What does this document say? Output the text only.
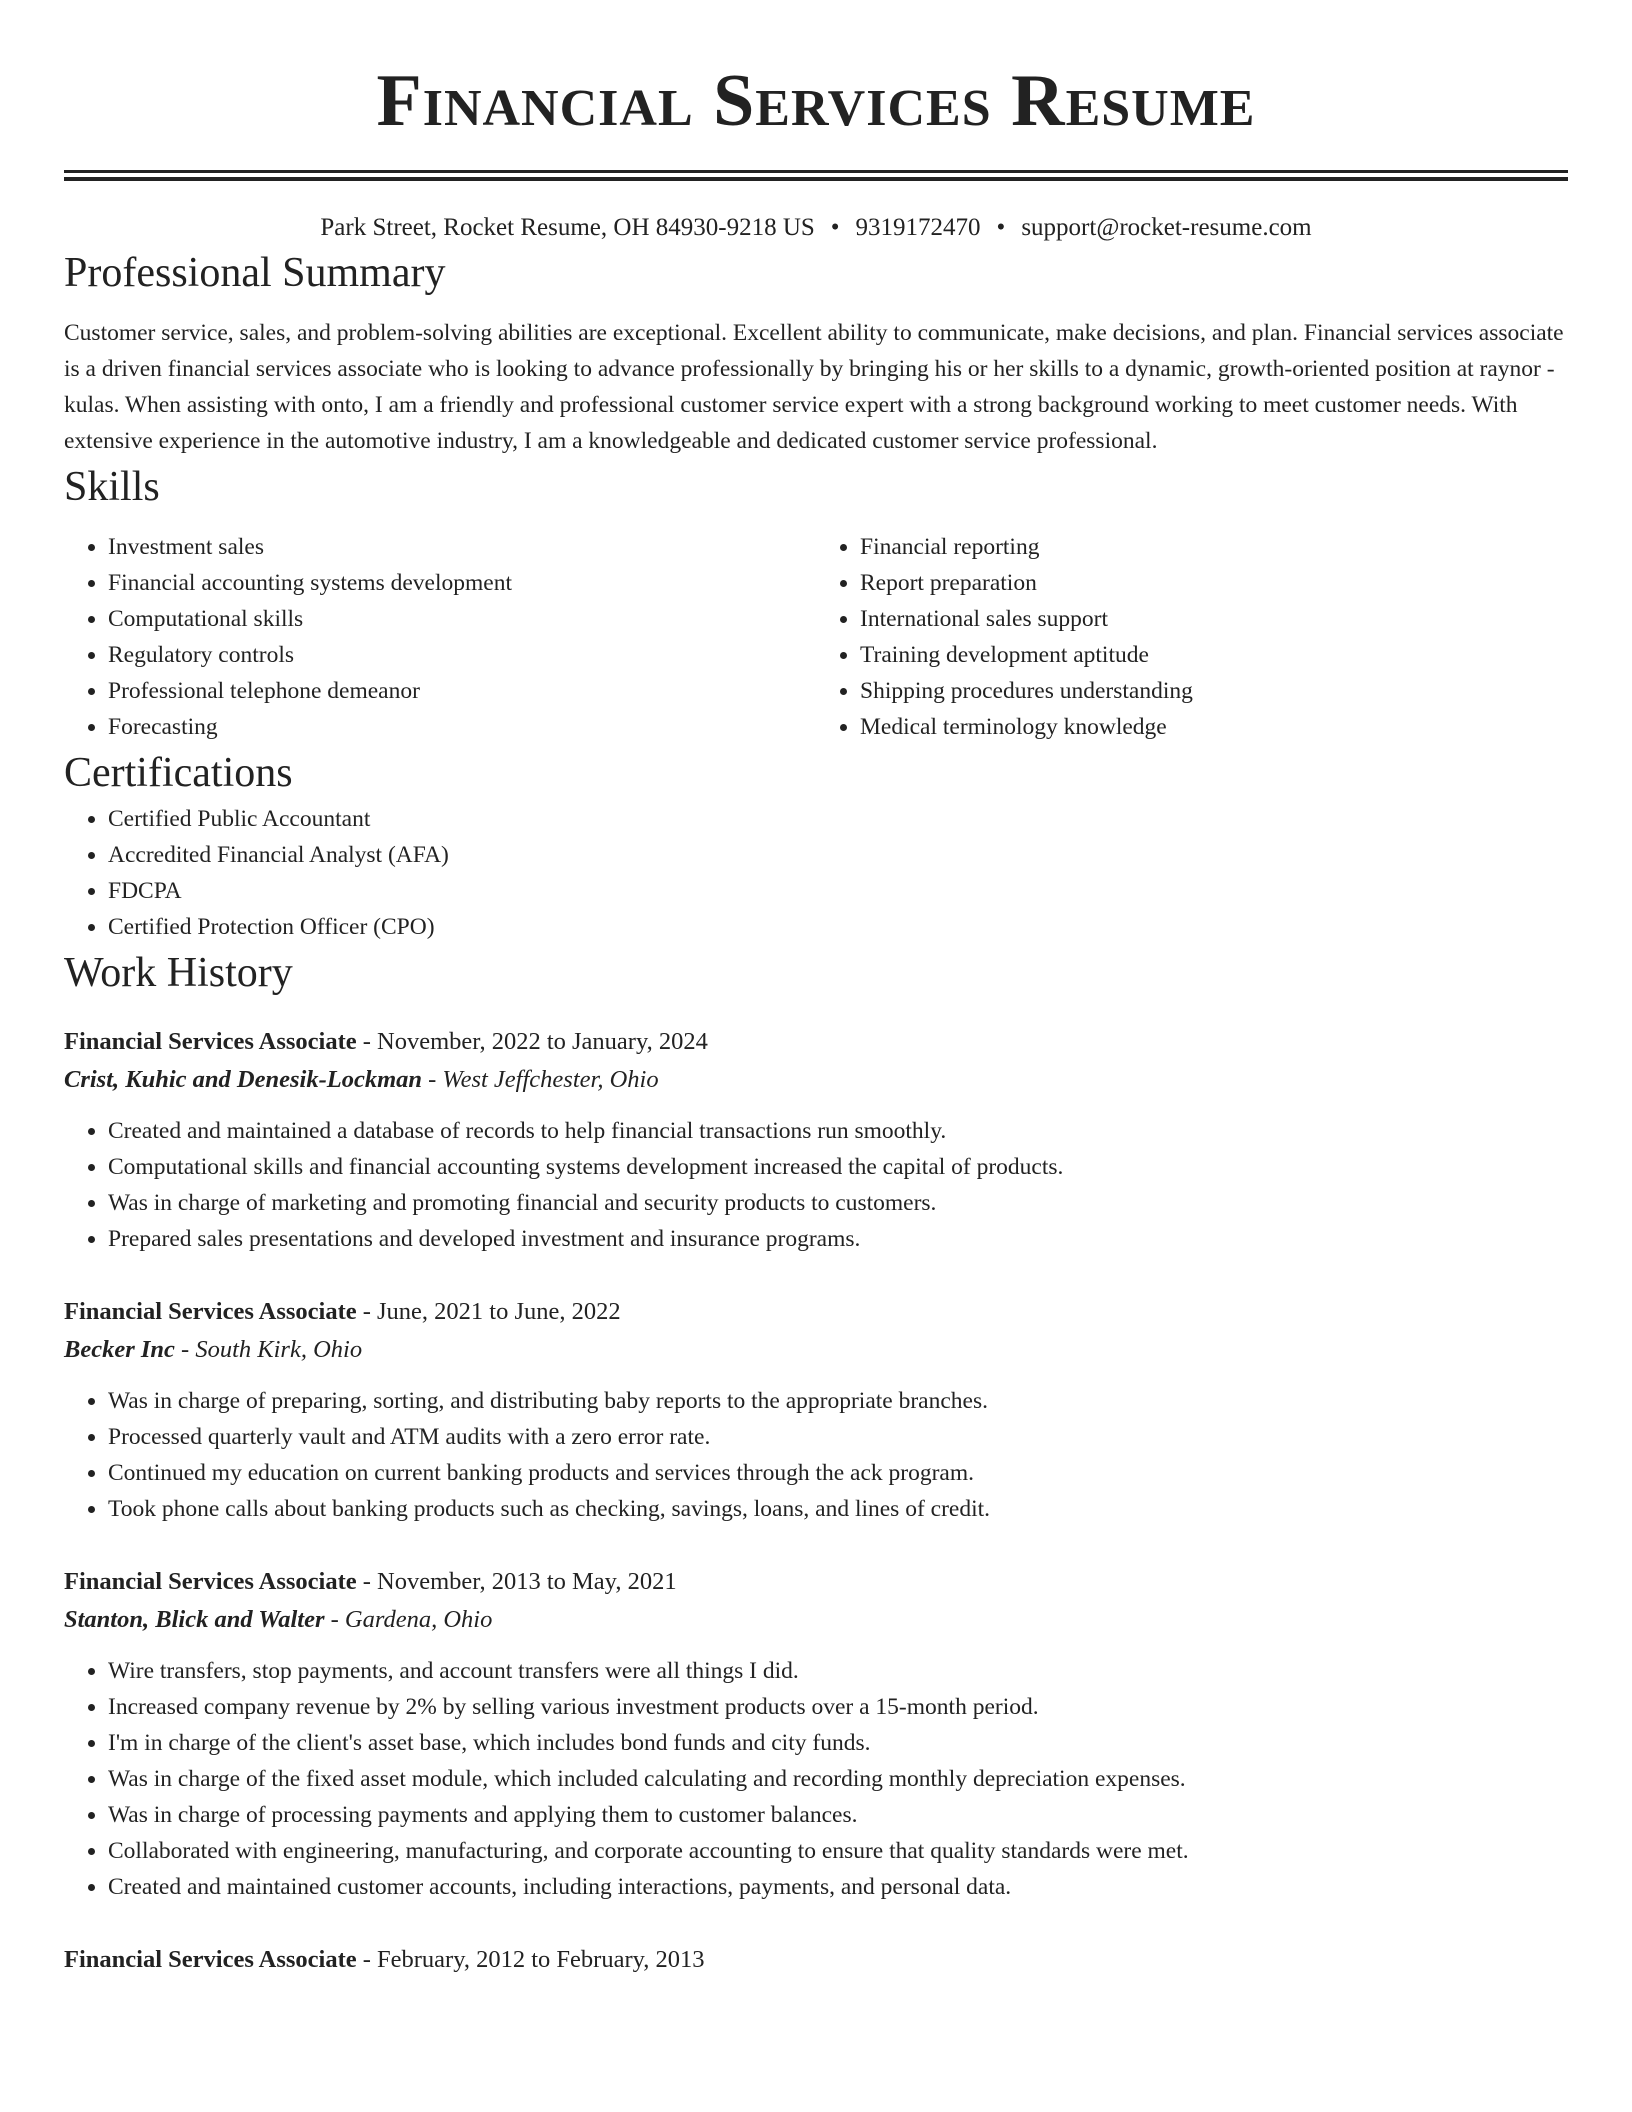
Financial Services Resume
Park Street, Rocket Resume, OH 84930-9218 US • 9319172470 • support@rocket-resume.com
Professional Summary

Customer service, sales, and problem-solving abilities are exceptional. Excellent ability to communicate, make decisions, and plan. Financial services associate is a driven financial services associate who is looking to advance professionally by bringing his or her skills to a dynamic, growth-oriented position at raynor - kulas. When assisting with onto, I am a friendly and professional customer service expert with a strong background working to meet customer needs. With extensive experience in the automotive industry, I am a knowledgeable and dedicated customer service professional.

Skills
• Investment sales
• Financial accounting systems development
• Computational skills
• Regulatory controls
• Professional telephone demeanor
• Forecasting
• Financial reporting
• Report preparation
• International sales support
• Training development aptitude
• Shipping procedures understanding
• Medical terminology knowledge
Certifications
• Certified Public Accountant
• Accredited Financial Analyst (AFA)
• FDCPA
• Certified Protection Officer (CPO)
Work History
Financial Services Associate - November, 2022 to January, 2024
Crist, Kuhic and Denesik-Lockman - West Jeffchester, Ohio
• Created and maintained a database of records to help financial transactions run smoothly.
• Computational skills and financial accounting systems development increased the capital of products.
• Was in charge of marketing and promoting financial and security products to customers.
• Prepared sales presentations and developed investment and insurance programs.
Financial Services Associate - June, 2021 to June, 2022
Becker Inc - South Kirk, Ohio
• Was in charge of preparing, sorting, and distributing baby reports to the appropriate branches.
• Processed quarterly vault and ATM audits with a zero error rate.
• Continued my education on current banking products and services through the ack program.
• Took phone calls about banking products such as checking, savings, loans, and lines of credit.
Financial Services Associate - November, 2013 to May, 2021
Stanton, Blick and Walter - Gardena, Ohio
• Wire transfers, stop payments, and account transfers were all things I did.
• Increased company revenue by 2% by selling various investment products over a 15-month period.
• I'm in charge of the client's asset base, which includes bond funds and city funds.
• Was in charge of the fixed asset module, which included calculating and recording monthly depreciation expenses.
• Was in charge of processing payments and applying them to customer balances.
• Collaborated with engineering, manufacturing, and corporate accounting to ensure that quality standards were met.
• Created and maintained customer accounts, including interactions, payments, and personal data.
Financial Services Associate - February, 2012 to February, 2013
